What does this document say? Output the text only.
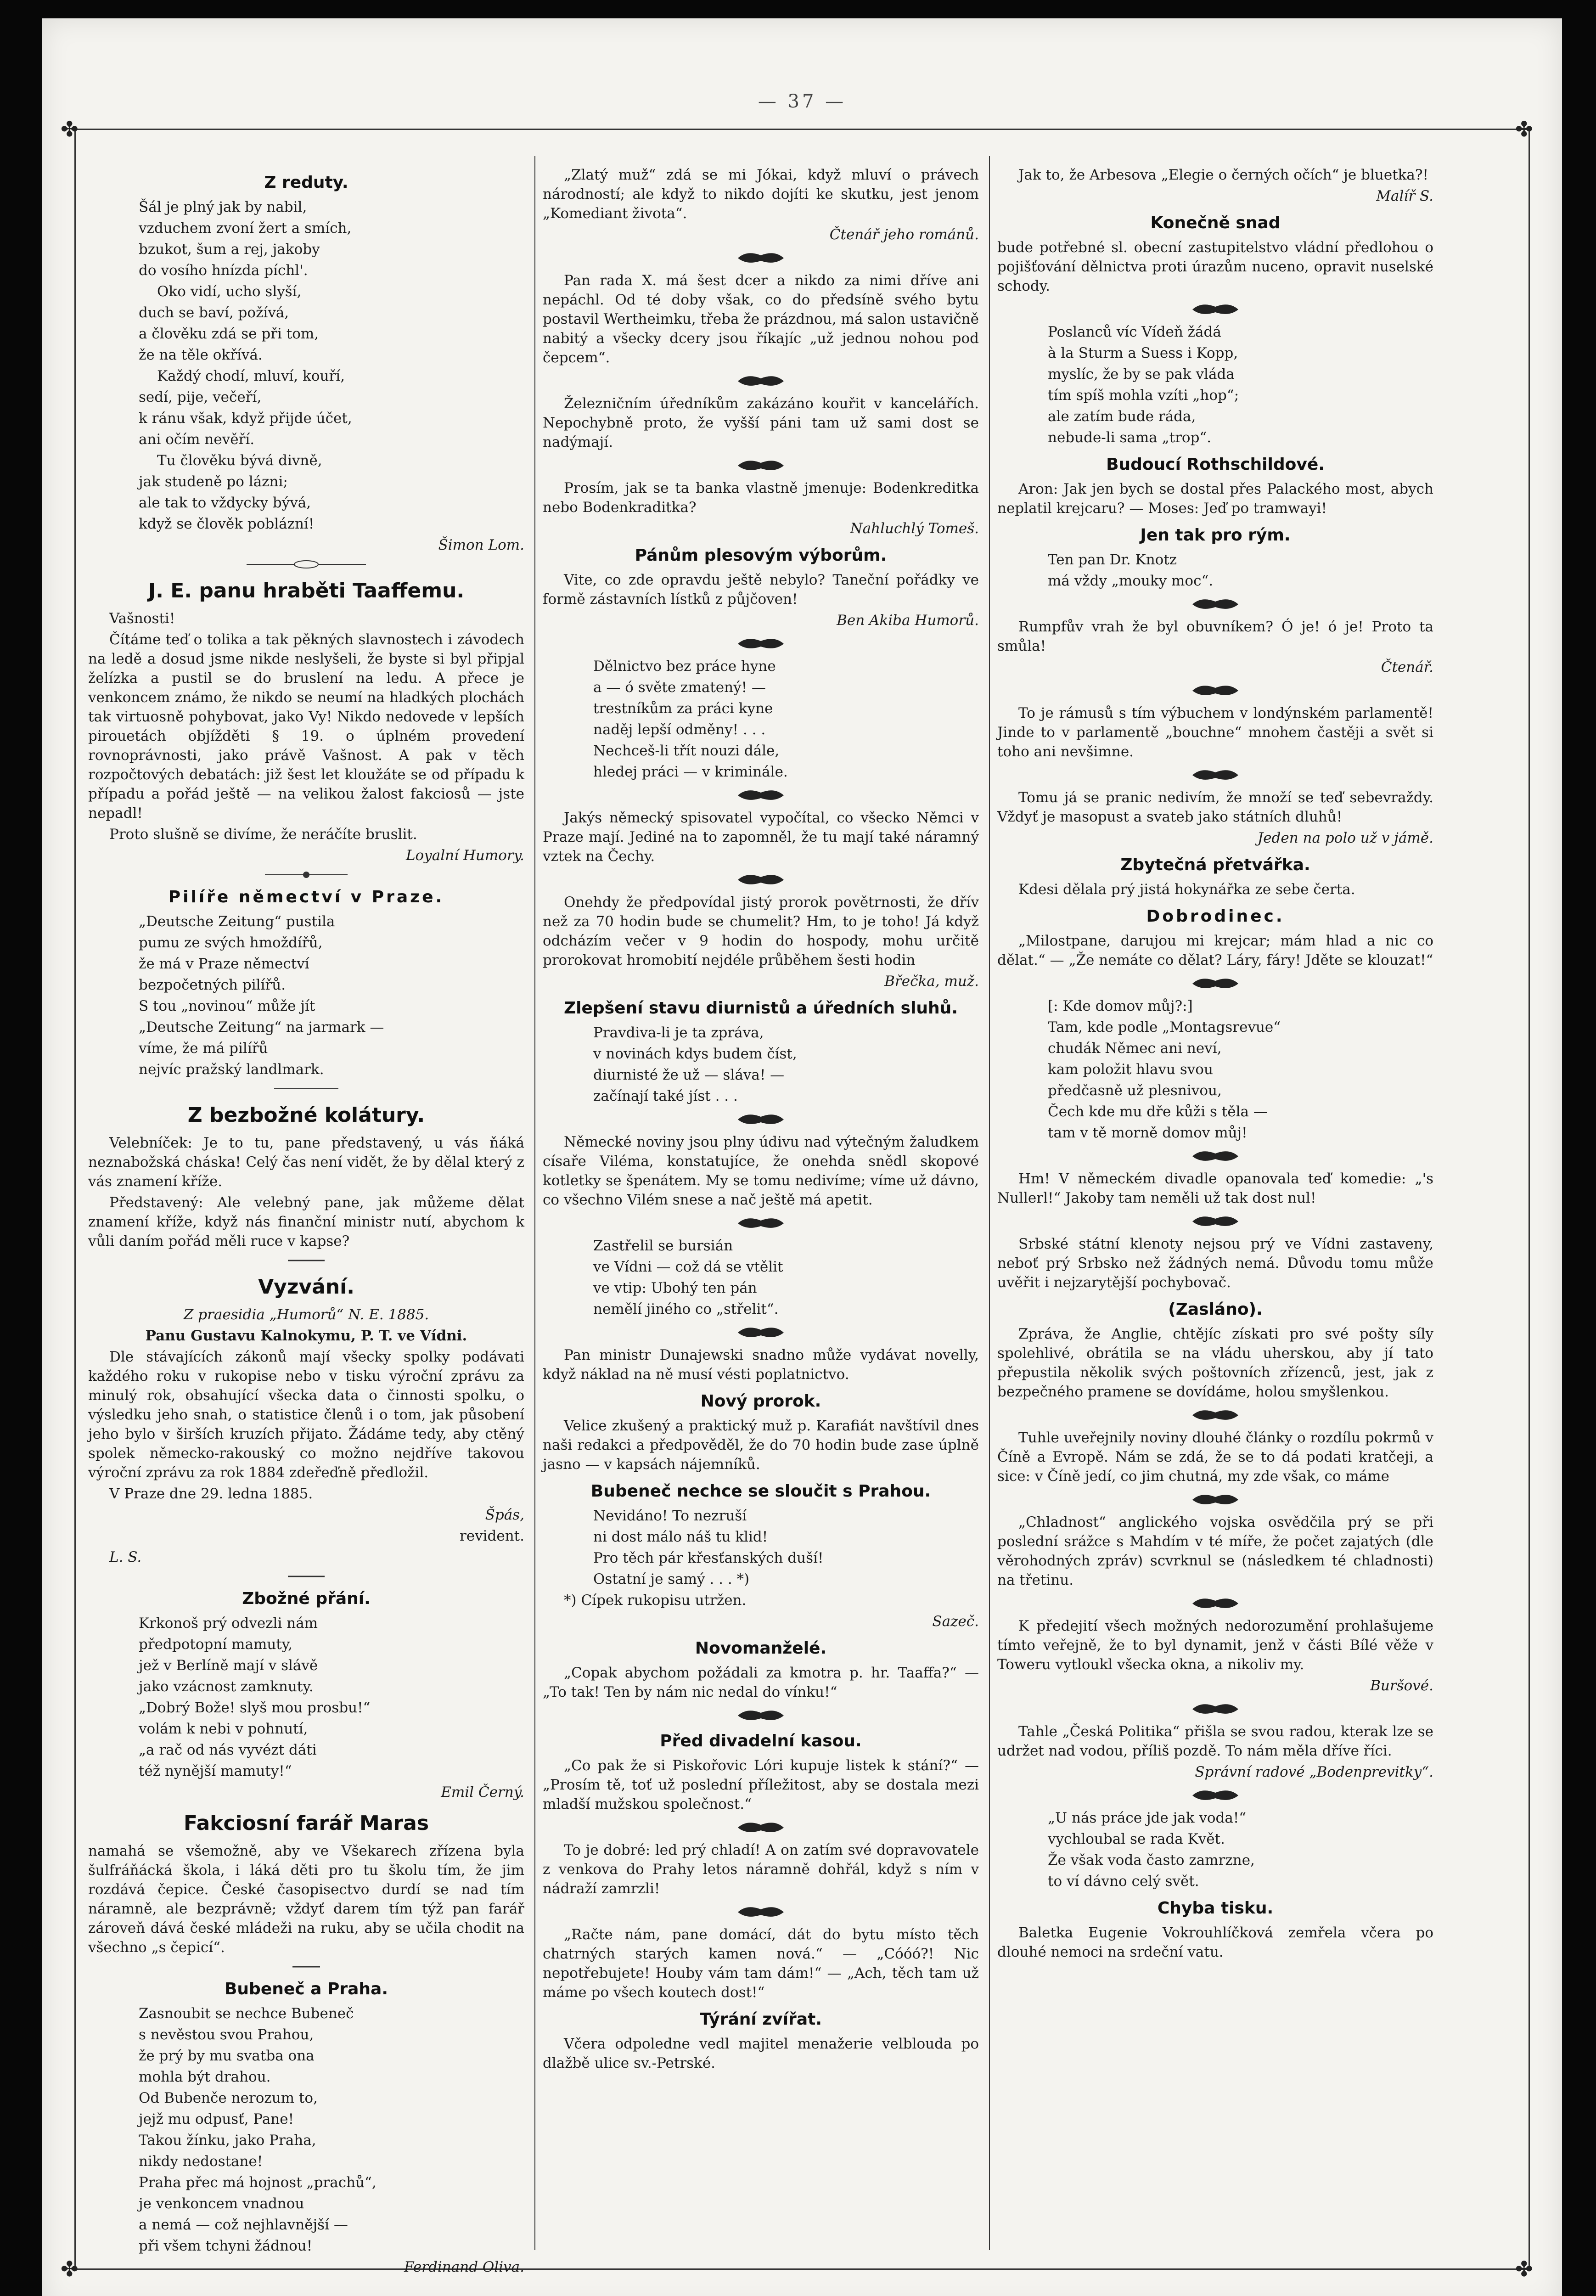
— 37 —
✤	✤
✤	✤
Z reduty.

Šál je plný jak by nabil,

vzduchem zvoní žert a smích,

bzukot, šum a rej, jakoby

do vosího hnízda píchl'.

Oko vidí, ucho slyší,

duch se baví, požívá,

a člověku zdá se při tom,

že na těle okřívá.

Každý chodí, mluví, kouří,

sedí, pije, večeří,

k ránu však, když přijde účet,

ani očím nevěří.

Tu člověku bývá divně,

jak studeně po lázni;

ale tak to vždycky bývá,

když se člověk poblázní!

Šimon Lom.

J. E. panu hraběti Taaffemu.

Vašnosti!

Čítáme teď o tolika a tak pěkných slavnostech i závodech na ledě a dosud jsme nikde neslyšeli, že byste si byl připjal želízka a pustil se do bruslení na ledu. A přece je venkoncem známo, že nikdo se neumí na hladkých plochách tak virtuosně pohybovat, jako Vy! Nikdo nedovede v lepších pirouetách objížděti § 19. o úplném provedení rovnoprávnosti, jako právě Vašnost. A pak v těch rozpočtových debatách: již šest let kloužáte se od případu k případu a pořád ještě — na velikou žalost fakciosů — jste nepadl!

Proto slušně se divíme, že neráčíte bruslit.

Loyalní Humory.

Pilíře němectví v Praze.

„Deutsche Zeitung“ pustila

pumu ze svých hmoždířů,

že má v Praze němectví

bezpočetných pilířů.

S tou „novinou“ může jít

„Deutsche Zeitung“ na jarmark —

víme, že má pilířů

nejvíc pražský landlmark.

Z bezbožné kolátury.

Velebníček: Je to tu, pane představený, u vás ňáká neznabožská cháska! Celý čas není vidět, že by dělal který z vás znamení kříže.

Představený: Ale velebný pane, jak můžeme dělat znamení kříže, když nás finanční ministr nutí, abychom k vůli daním pořád měli ruce v kapse?

Vyzvání.

Z praesidia „Humorů“ N. E. 1885.

Panu Gustavu Kalnokymu, P. T. ve Vídni.

Dle stávajících zákonů mají všecky spolky podávati každého roku v rukopise nebo v tisku výroční zprávu za minulý rok, obsahující všecka data o činnosti spolku, o výsledku jeho snah, o statistice členů i o tom, jak působení jeho bylo v širších kruzích přijato. Žádáme tedy, aby ctěný spolek německo-rakouský co možno nejdříve takovou výroční zprávu za rok 1884 zdeřeďně předložil.

V Praze dne 29. ledna 1885.

Špás,

revident.

L. S.

Zbožné přání.

Krkonoš prý odvezli nám

předpotopní mamuty,

jež v Berlíně mají v slávě

jako vzácnost zamknuty.

„Dobrý Bože! slyš mou prosbu!“

volám k nebi v pohnutí,

„a rač od nás vyvézt dáti

též nynější mamuty!“

Emil Černý.

Fakciosní farář Maras

namahá se všemožně, aby ve Všekarech zřízena byla šulfráňácká škola, i láká děti pro tu školu tím, že jim rozdává čepice. České časopisectvo durdí se nad tím náramně, ale bezprávně; vždyť darem tím týž pan farář zároveň dává české mládeži na ruku, aby se učila chodit na všechno „s čepicí“.

Bubeneč a Praha.

Zasnoubit se nechce Bubeneč

s nevěstou svou Prahou,

že prý by mu svatba ona

mohla být drahou.

Od Bubenče nerozum to,

jejž mu odpusť, Pane!

Takou žínku, jako Praha,

nikdy nedostane!

Praha přec má hojnost „prachů“,

je venkoncem vnadnou

a nemá — což nejhlavnější —

při všem tchyni žádnou!

Ferdinand Oliva.

„Zlatý muž“ zdá se mi Jókai, když mluví o právech národností; ale když to nikdo dojíti ke skutku, jest jenom „Komediant života“.

Čtenář jeho románů.

Pan rada X. má šest dcer a nikdo za nimi dříve ani nepáchl. Od té doby však, co do předsíně svého bytu postavil Wertheimku, třeba že prázdnou, má salon ustavičně nabitý a všecky dcery jsou říkajíc „už jednou nohou pod čepcem“.

Železničním úředníkům zakázáno kouřit v kancelářích. Nepochybně proto, že vyšší páni tam už sami dost se nadýmají.

Prosím, jak se ta banka vlastně jmenuje: Bodenkreditka nebo Bodenkraditka?

Nahluchlý Tomeš.

Pánům plesovým výborům.

Vite, co zde opravdu ještě nebylo? Taneční pořádky ve formě zástavních lístků z půjčoven!

Ben Akiba Humorů.

Dělnictvo bez práce hyne

a — ó světe zmatený! —

trestníkům za práci kyne

naděj lepší odměny! . . .

Nechceš-li třít nouzi dále,

hledej práci — v kriminále.

Jakýs německý spisovatel vypočítal, co všecko Němci v Praze mají. Jediné na to zapomněl, že tu mají také náramný vztek na Čechy.

Onehdy že předpovídal jistý prorok povětrnosti, že dřív než za 70 hodin bude se chumelit? Hm, to je toho! Já když odcházím večer v 9 hodin do hospody, mohu určitě prorokovat hromobití nejdéle průběhem šesti hodin

Břečka, muž.

Zlepšení stavu diurnistů a úředních sluhů.

Pravdiva-li je ta zpráva,

v novinách kdys budem číst,

diurnisté že už — sláva! —

začínají také jíst . . .

Německé noviny jsou plny údivu nad výtečným žaludkem císaře Viléma, konstatujíce, že onehda snědl skopové kotletky se špenátem. My se tomu nedivíme; víme už dávno, co všechno Vilém snese a nač ještě má apetit.

Zastřelil se bursián

ve Vídni — což dá se vtělit

ve vtip: Ubohý ten pán

nemělí jinéhо co „střelit“.

Pan ministr Dunajewski snadno může vydávat novelly, když náklad na ně musí vésti poplatnictvo.

Nový prorok.

Velice zkušený a praktický muž p. Karafiát navštívil dnes naši redakci a předpověděl, že do 70 hodin bude zase úplně jasno — v kapsách nájemníků.

Bubeneč nechce se sloučit s Prahou.

Nevidáno! To nezruší

ni dost málo náš tu klid!

Pro těch pár křesťanských duší!

Ostatní je samý . . . *)

*) Cípek rukopisu utržen.

Sazeč.

Novomanželé.

„Copak abychom požádali za kmotra p. hr. Taaffa?“ — „To tak! Ten by nám nic nedal do vínku!“

Před divadelní kasou.

„Co pak že si Piskořovic Lóri kupuje listek k stání?“ — „Prosím tě, toť už poslední příležitost, aby se dostala mezi mladší mužskou společnost.“

To je dobré: led prý chladí! A on zatím své dopravovatele z venkova do Prahy letos náramně dohřál, když s ním v nádraží zamrzli!

„Račte nám, pane domácí, dát do bytu místo těch chatrných starých kamen nová.“ — „Cóóó?! Nic nepotřebujete! Houby vám tam dám!“ — „Ach, těch tam už máme po všech koutech dost!“

Týrání zvířat.

Včera odpoledne vedl majitel menažerie velblouda po dlažbě ulice sv.-Petrské.

Jak to, že Arbesova „Elegie o černých očích“ je bluetka?!

Malíř S.

Konečně snad

bude potřebné sl. obecní zastupitelstvo vládní předlohou o pojišťování dělnictva proti úrazům nuceno, opravit nuselské schody.

Poslanců víc Vídeň žádá

à la Sturm a Suess i Kopp,

myslíc, že by se pak vláda

tím spíš mohla vzíti „hop“;

ale zatím bude ráda,

nebude-li sama „trop“.

Budoucí Rothschildové.

Aron: Jak jen bych se dostal přes Palackého most, abych neplatil krejcaru? — Moses: Jeď po tramwayi!

Jen tak pro rým.

Ten pan Dr. Knotz

má vždy „mouky moc“.

Rumpfův vrah že byl obuvníkem? Ó je! ó je! Proto ta smůla!

Čtenář.

To je rámusů s tím výbuchem v londýnském parlamentě! Jinde to v parlamentě „bouchne“ mnohem častěji a svět si toho ani nevšimne.

Tomu já se pranic nedivím, že množí se teď sebevraždy. Vždyť je masopust a svateb jako státních dluhů!

Jeden na polo už v jámě.

Zbytečná přetvářka.

Kdesi dělala prý jistá hokynářka ze sebe čerta.

Dobrodinec.

„Milostpane, darujou mi krejcar; mám hlad a nic co dělat.“ — „Že nemáte co dělat? Láry, fáry! Jděte se klouzat!“

[: Kde domov můj?:]

Tam, kde podle „Montagsrevue“

chudák Němec ani neví,

kam položit hlavu svou

předčasně už plesnivou,

Čech kde mu dře kůži s těla —

tam v tě morně domov můj!

Hm! V německém divadle opanovala teď komedie: „'s Nullerl!“ Jakoby tam neměli už tak dost nul!

Srbské státní klenoty nejsou prý ve Vídni zastaveny, neboť prý Srbsko než žádných nemá. Důvodu tomu může uvěřit i nejzarytější pochybovač.

(Zasláno).

Zpráva, že Anglie, chtějíc získati pro své pošty síly spolehlivé, obrátila se na vládu uherskou, aby jí tato přepustila několik svých poštovních zřízenců, jest, jak z bezpečného pramene se dovídáme, holou smyšlenkou.

Tuhle uveřejnily noviny dlouhé články o rozdílu pokrmů v Číně a Evropě. Nám se zdá, že se to dá podati kratčeji, a sice: v Číně jedí, co jim chutná, my zde však, co máme

„Chladnost“ anglického vojska osvědčila prý se při poslední srážce s Mahdím v té míře, že počet zajatých (dle věrohodných zpráv) scvrknul se (následkem té chladnosti) na třetinu.

K předejití všech možných nedorozumění prohlašujeme tímto veřejně, že to byl dynamit, jenž v části Bílé věže v Toweru vytloukl všecka okna, a nikoliv my.

Buršové.

Tahle „Česká Politika“ přišla se svou radou, kterak lze se udržet nad vodou, příliš pozdě. To nám měla dříve říci.

Správní radové „Bodenprevitky“.

„U nás práce jde jak voda!“

vychloubal se rada Květ.

Že však voda často zamrzne,

to ví dávno celý svět.

Chyba tisku.

Baletka Eugenie Vokrouhlíčková zemřela včera po dlouhé nemoci na srdeční vatu.
